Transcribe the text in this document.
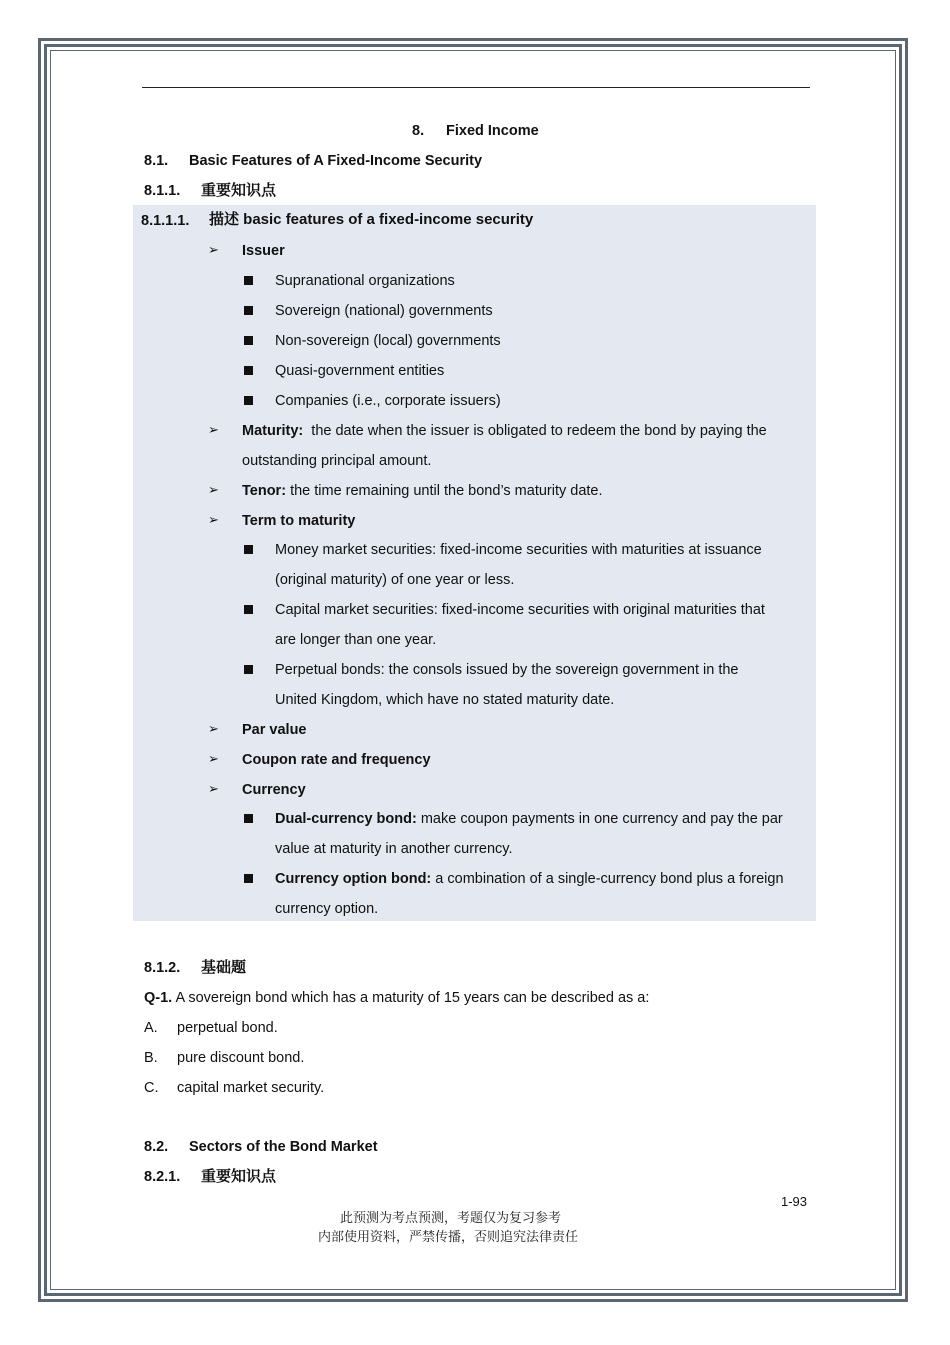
8. Fixed Income
8.1. Basic Features of A Fixed-Income Security
8.1.1. 重要知识点
8.1.1.1. 描述 basic features of a fixed-income security
➢ Issuer
Supranational organizations
Sovereign (national) governments
Non-sovereign (local) governments
Quasi-government entities
Companies (i.e., corporate issuers)
➢ Maturity: the date when the issuer is obligated to redeem the bond by paying the
outstanding principal amount.
➢ Tenor: the time remaining until the bond’s maturity date.
➢ Term to maturity
Money market securities: fixed-income securities with maturities at issuance
(original maturity) of one year or less.
Capital market securities: fixed-income securities with original maturities that
are longer than one year.
Perpetual bonds: the consols issued by the sovereign government in the
United Kingdom, which have no stated maturity date.
➢ Par value
➢ Coupon rate and frequency
➢ Currency
Dual-currency bond: make coupon payments in one currency and pay the par
value at maturity in another currency.
Currency option bond: a combination of a single-currency bond plus a foreign
currency option.
8.1.2. 基础题
Q-1. A sovereign bond which has a maturity of 15 years can be described as a:
A. perpetual bond.
B. pure discount bond.
C. capital market security.
8.2. Sectors of the Bond Market
8.2.1. 重要知识点
1-93
此预测为考点预测，考题仅为复习参考
内部使用资料，严禁传播，否则追究法律责任
